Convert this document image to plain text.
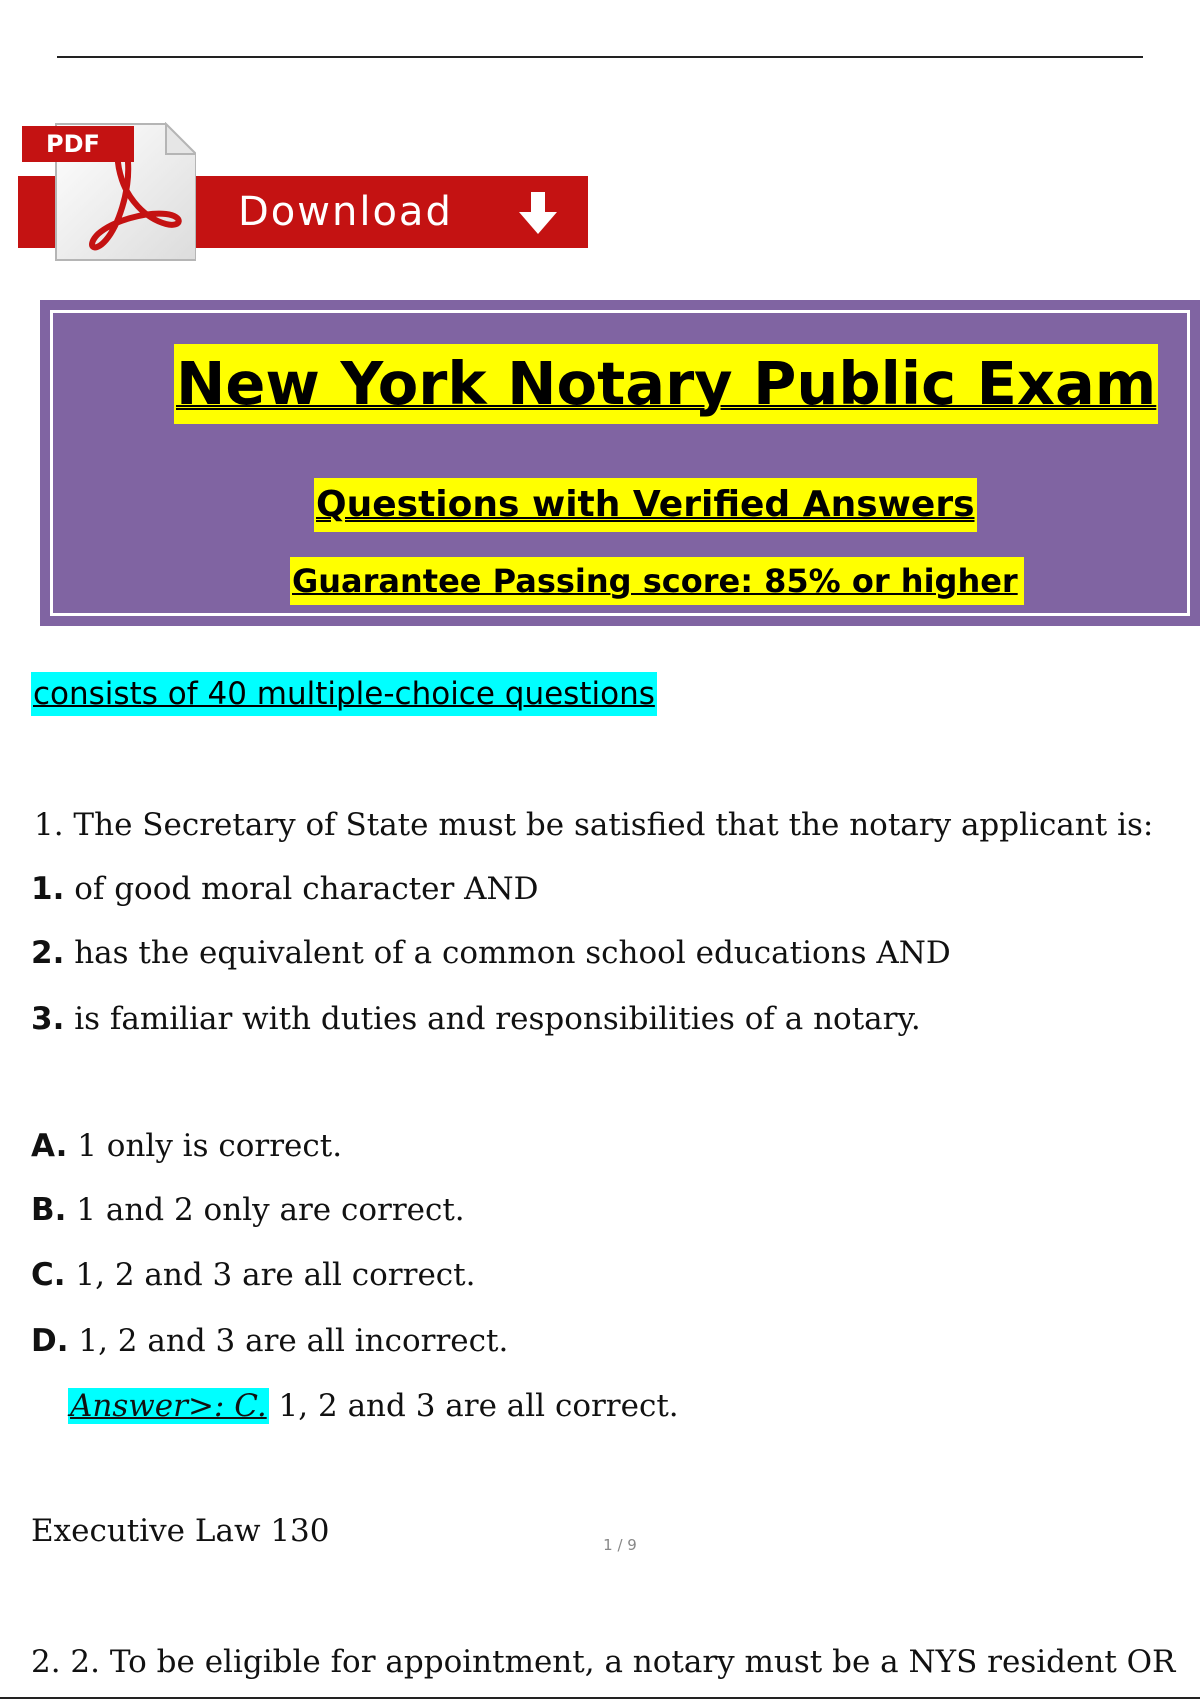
Download
PDF
New York Notary Public Exam
Questions with Verified Answers
Guarantee Passing score: 85% or higher
consists of 40 multiple-choice questions
1. The Secretary of State must be satisfied that the notary applicant is:
1. of good moral character AND
2. has the equivalent of a common school educations AND
3. is familiar with duties and responsibilities of a notary.
A. 1 only is correct.
B. 1 and 2 only are correct.
C. 1, 2 and 3 are all correct.
D. 1, 2 and 3 are all incorrect.
Answer>: C. 1, 2 and 3 are all correct.
Executive Law 130	1 / 9
2. 2. To be eligible for appointment, a notary must be a NYS resident OR
